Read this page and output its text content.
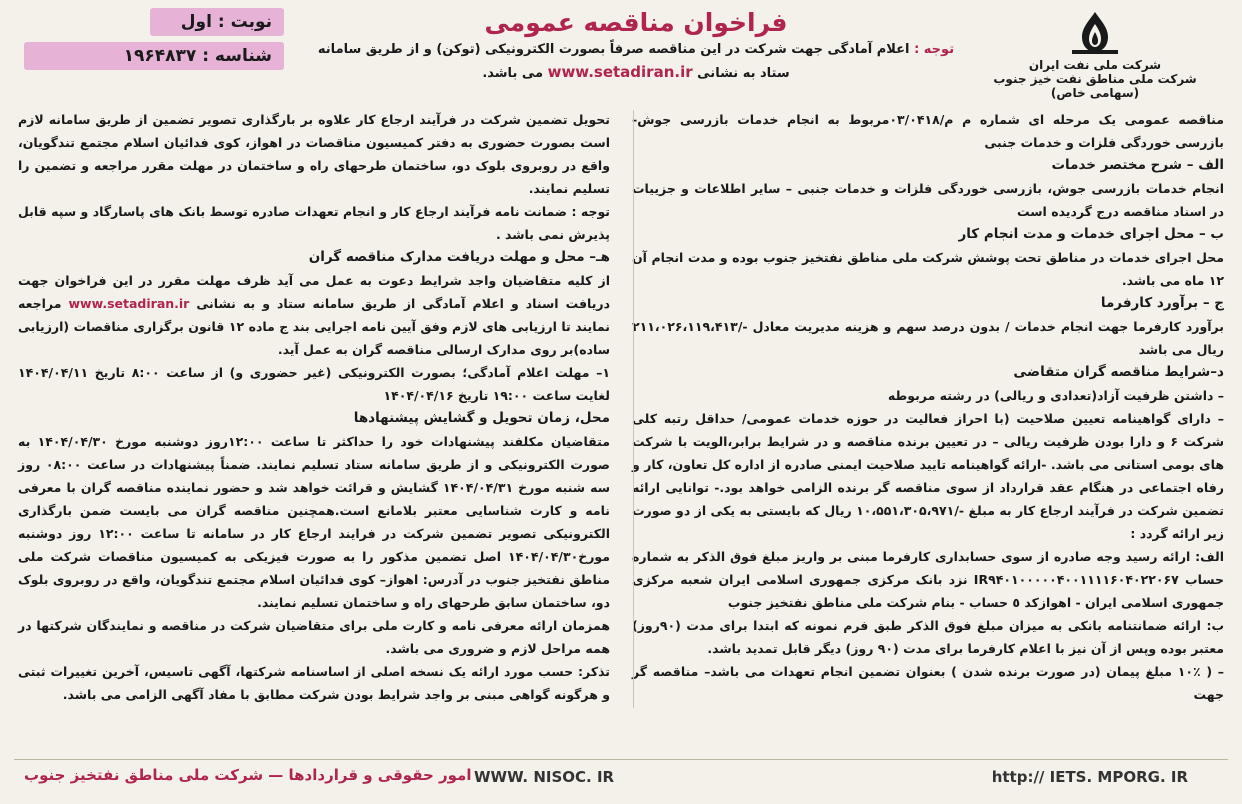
شرکت ملی نفت ایران
شرکت ملی مناطق نفت خیز جنوب (سهامی خاص)
فراخوان مناقصه عمومی
توجه : اعلام آمادگی جهت شرکت در این مناقصه صرفاً بصورت الکترونیکی (توکن) و از طریق سامانه ستاد به نشانی www.setadiran.ir می باشد.
نوبت : اول
شناسه : ۱۹۶۴۸۳۷

مناقصه عمومی یک مرحله ای شماره م م/۰۳/۰۴۱۸مربوط به انجام خدمات بازرسی جوش- بازرسی خوردگی فلزات و خدمات جنبی

الف – شرح مختصر خدمات

انجام خدمات بازرسی جوش، بازرسی خوردگی فلزات و خدمات جنبی – سایر اطلاعات و جزییات در اسناد مناقصه درج گردیده است

ب – محل اجرای خدمات و مدت انجام کار

محل اجرای خدمات در مناطق تحت پوشش شرکت ملی مناطق نفتخیز جنوب بوده و مدت انجام آن ۱۲ ماه می باشد.

ج – برآورد کارفرما

برآورد کارفرما جهت انجام خدمات / بدون درصد سهم و هزینه مدیریت معادل -/۲۱۱،۰۲۶،۱۱۹،۴۱۳ ریال می باشد

د–شرایط مناقصه گران متقاضی

– داشتن ظرفیت آزاد(تعدادی و ریالی) در رشته مربوطه

– دارای گواهینامه تعیین صلاحیت (با احراز فعالیت در حوزه خدمات عمومی/ حداقل رتبه کلی شرکت ۶ و دارا بودن ظرفیت ریالی – در تعیین برنده مناقصه و در شرایط برابر،الویت با شرکت های بومی استانی می باشد. -ارائه گواهینامه تایید صلاحیت ایمنی صادره از اداره کل تعاون، کار و رفاه اجتماعی در هنگام عقد قرارداد از سوی مناقصه گر برنده الزامی خواهد بود.- توانایی ارائه تضمین شرکت در فرآیند ارجاع کار به مبلغ -/۱۰،۵۵۱،۳۰۵،۹۷۱ ریال که بایستی به یکی از دو صورت زیر ارائه گردد :

الف: ارائه رسید وجه صادره از سوی حسابداری کارفرما مبنی بر واریز مبلغ فوق الذکر به شماره حساب IR۹۴۰۱۰۰۰۰۰۴۰۰۱۱۱۱۶۰۴۰۲۲۰۶۷ نزد بانک مرکزی جمهوری اسلامی ایران شعبه مرکزی جمهوری اسلامی ایران - اهوازکد ٥ حساب - بنام شرکت ملی مناطق نفتخیز جنوب

ب: ارائه ضمانتنامه بانکی به میزان مبلغ فوق الذکر طبق فرم نمونه که ابتدا برای مدت (۹۰روز) معتبر بوده وپس از آن نیز با اعلام کارفرما برای مدت (۹۰ روز) دیگر قابل تمدید باشد.

– ( ۱۰٪ مبلغ پیمان (در صورت برنده شدن ) بعنوان تضمین انجام تعهدات می باشد– مناقصه گر جهت

تحویل تضمین شرکت در فرآیند ارجاع کار علاوه بر بارگذاری تصویر تضمین از طریق سامانه لازم است بصورت حضوری به دفتر کمیسیون مناقصات در اهواز، کوی فدائیان اسلام مجتمع تندگویان، واقع در روبروی بلوک دو، ساختمان طرحهای راه و ساختمان در مهلت مقرر مراجعه و تضمین را تسلیم نمایند.

توجه : ضمانت نامه فرآیند ارجاع کار و انجام تعهدات صادره توسط بانک های پاسارگاد و سپه قابل پذیرش نمی باشد .

هـ– محل و مهلت دریافت مدارک مناقصه گران

از کلیه متقاضیان واجد شرایط دعوت به عمل می آید ظرف مهلت مقرر در این فراخوان جهت دریافت اسناد و اعلام آمادگی از طریق سامانه ستاد و به نشانی www.setadiran.ir مراجعه نمایند تا ارزیابی های لازم وفق آیین نامه اجرایی بند ج ماده ۱۲ قانون برگزاری مناقصات (ارزیابی ساده)بر روی مدارک ارسالی مناقصه گران به عمل آید.

۱– مهلت اعلام آمادگی؛ بصورت الکترونیکی (غیر حضوری و) از ساعت ۸:۰۰ تاریخ ۱۴۰۴/۰۴/۱۱ لغایت ساعت ۱۹:۰۰ تاریخ ۱۴۰۴/۰۴/۱۶

محل، زمان تحویل و گشایش پیشنهادها

متقاضیان مکلفند پیشنهادات خود را حداکثر تا ساعت ۱۲:۰۰روز دوشنبه مورخ ۱۴۰۴/۰۴/۳۰ به صورت الکترونیکی و از طریق سامانه ستاد تسلیم نمایند. ضمناً پیشنهادات در ساعت ۰۸:۰۰ روز سه شنبه مورخ ۱۴۰۴/۰۴/۳۱ گشایش و قرائت خواهد شد و حضور نماینده مناقصه گران با معرفی نامه و کارت شناسایی معتبر بلامانع است.همچنین مناقصه گران می بایست ضمن بارگذاری الکترونیکی تصویر تضمین شرکت در فرایند ارجاع کار در سامانه تا ساعت ۱۲:۰۰ روز دوشنبه مورخ۱۴۰۴/۰۴/۳۰ اصل تضمین مذکور را به صورت فیزیکی به کمیسیون مناقصات شرکت ملی مناطق نفتخیز جنوب در آدرس: اهواز– کوی فدائیان اسلام مجتمع تندگویان، واقع در روبروی بلوک دو، ساختمان سابق طرحهای راه و ساختمان تسلیم نمایند.

همزمان ارائه معرفی نامه و کارت ملی برای متقاضیان شرکت در مناقصه و نمایندگان شرکتها در همه مراحل لازم و ضروری می باشد.

تذکر: حسب مورد ارائه یک نسخه اصلی از اساسنامه شرکتها، آگهی تاسیس، آخرین تغییرات ثبتی و هرگونه گواهی مبنی بر واجد شرایط بودن شرکت مطابق با مفاد آگهی الزامی می باشد.

http:// IETS. MPORG. IR
WWW. NISOC. IR
امور حقوقی و قراردادها — شرکت ملی مناطق نفتخیز جنوب
